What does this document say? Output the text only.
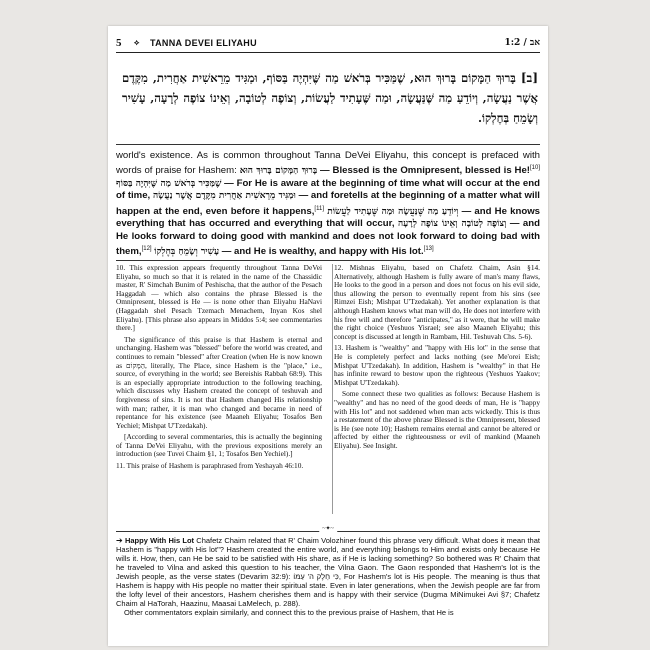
5 ⟡ TANNA DEVEI ELIYAHU	אב / 1:2
[ב] בָּרוּךְ הַמָּקוֹם בָּרוּךְ הוּא, שֶׁמַּכִּיר בְּרֹאשׁ מַה שֶּׁיִּהְיֶה בַּסּוֹף, וּמַגִּיד מֵרֵאשִׁית אַחֲרִית, מִקֶּדֶם אֲשֶׁר נַעֲשָׂה, וְיוֹדֵעַ מַה שֶּׁנַּעֲשָׂה, וּמַה שֶּׁעָתִיד לַעֲשׂוֹת, וְצוֹפֶה לְטוֹבָה, וְאֵינוֹ צוֹפֶה לְרָעָה, עָשִׁיר וְשָׂמֵחַ בְּחֶלְקוֹ.

world's existence. As is common throughout Tanna DeVei Eliyahu, this concept is prefaced with words of praise for Hashem: בָּרוּךְ הַמָּקוֹם בָּרוּךְ הוּא — Blessed is the Omnipresent, blessed is He![10] שֶׁמַּכִּיר בְּרֹאשׁ מַה שֶּׁיִּהְיֶה בַּסּוֹף — For He is aware at the beginning of time what will occur at the end of time, וּמַגִּיד מֵרֵאשִׁית אַחֲרִית מִקֶּדֶם אֲשֶׁר נַעֲשָׂה — and foretells at the beginning of a matter what will happen at the end, even before it happens,[11] וְיוֹדֵעַ מַה שֶּׁנַּעֲשָׂה וּמַה שֶּׁעָתִיד לַעֲשׂוֹת — and He knows everything that has occurred and everything that will occur, וְצוֹפֶה לְטוֹבָה וְאֵינוֹ צוֹפֶה לְרָעָה — and He looks forward to doing good with mankind and does not look forward to doing bad with them,[12] עָשִׁיר וְשָׂמֵחַ בְּחֶלְקוֹ — and He is wealthy, and happy with His lot.[13]

10. This expression appears frequently throughout Tanna DeVei Eliyahu, so much so that it is related in the name of the Chassidic master, R' Simchah Bunim of Peshischa, that the author of the Pesach Haggadah — which also contains the phrase Blessed is the Omnipresent, blessed is He — is none other than Eliyahu HaNavi (Haggadah shel Pesach Tzemach Menachem, Inyan Kos shel Eliyahu). [This phrase also appears in Middos 5:4; see commentaries there.]

The significance of this praise is that Hashem is eternal and unchanging. Hashem was "blessed" before the world was created, and continues to remain "blessed" after Creation (when He is now known as הַמָּקוֹם, literally, The Place, since Hashem is the "place," i.e., source, of everything in the world; see Bereishis Rabbah 68:9). This is an especially appropriate introduction to the following teaching, which discusses why Hashem created the concept of teshuvah and forgiveness of sins. It is not that Hashem changed His relationship with man; rather, it is man who changed and became in need of repentance for his existence (see Maaneh Eliyahu; Tosafos Ben Yechiel; Mishpat U'Tzedakah).

[According to several commentaries, this is actually the beginning of Tanna DeVei Eliyahu, with the previous expositions merely an introduction (see Tuvei Chaim §1, 1; Tosafos Ben Yechiel).]

11. This praise of Hashem is paraphrased from Yeshayah 46:10.

12. Mishnas Eliyahu, based on Chafetz Chaim, Asin §14. Alternatively, although Hashem is fully aware of man's many flaws, He looks to the good in a person and does not focus on his evil side, thus allowing the person to eventually repent from his sins (see Rimzei Eish; Mishpat U'Tzedakah). Yet another explanation is that although Hashem knows what man will do, He does not interfere with his free will and therefore "anticipates," as it were, that he will make the right choice (Yeshuos Yisrael; see also Maaneh Eliyahu; this concept is discussed at length in Rambam, Hil. Teshuvah Chs. 5-6).

13. Hashem is "wealthy" and "happy with His lot" in the sense that He is completely perfect and lacks nothing (see Me'orei Eish; Mishpat U'Tzedakah). In addition, Hashem is "wealthy" in that He has infinite reward to bestow upon the righteous (Yeshuos Yaakov; Mishpat U'Tzedakah).

Some connect these two qualities as follows: Because Hashem is "wealthy" and has no need of the good deeds of man, He is "happy with His lot" and not saddened when man acts wickedly. This is thus a restatement of the above phrase Blessed is the Omnipresent, blessed is He (see note 10); Hashem remains eternal and cannot be altered or affected by either the righteousness or evil of mankind (Maaneh Eliyahu). See Insight.

~✦~

➔ Happy With His Lot Chafetz Chaim related that R' Chaim Volozhiner found this phrase very difficult. What does it mean that Hashem is "happy with His lot"? Hashem created the entire world, and everything belongs to Him and exists only because He wills it. How, then, can He be said to be satisfied with His share, as if He is lacking something? So bothered was R' Chaim that he traveled to Vilna and asked this question to his teacher, the Vilna Gaon. The Gaon responded that Hashem's lot is the Jewish people, as the verse states (Devarim 32:9): כִּי חֵלֶק ה' עַמּוֹ, For Hashem's lot is His people. The meaning is thus that Hashem is happy with His people no matter their spiritual state. Even in later generations, when the Jewish people are far from the lofty level of their ancestors, Hashem cherishes them and is happy with their service (Dugma MiNimukei Avi §7; Chafetz Chaim al HaTorah, Haazinu, Maasai LaMelech, p. 288).

Other commentators explain similarly, and connect this to the previous praise of Hashem, that He is
